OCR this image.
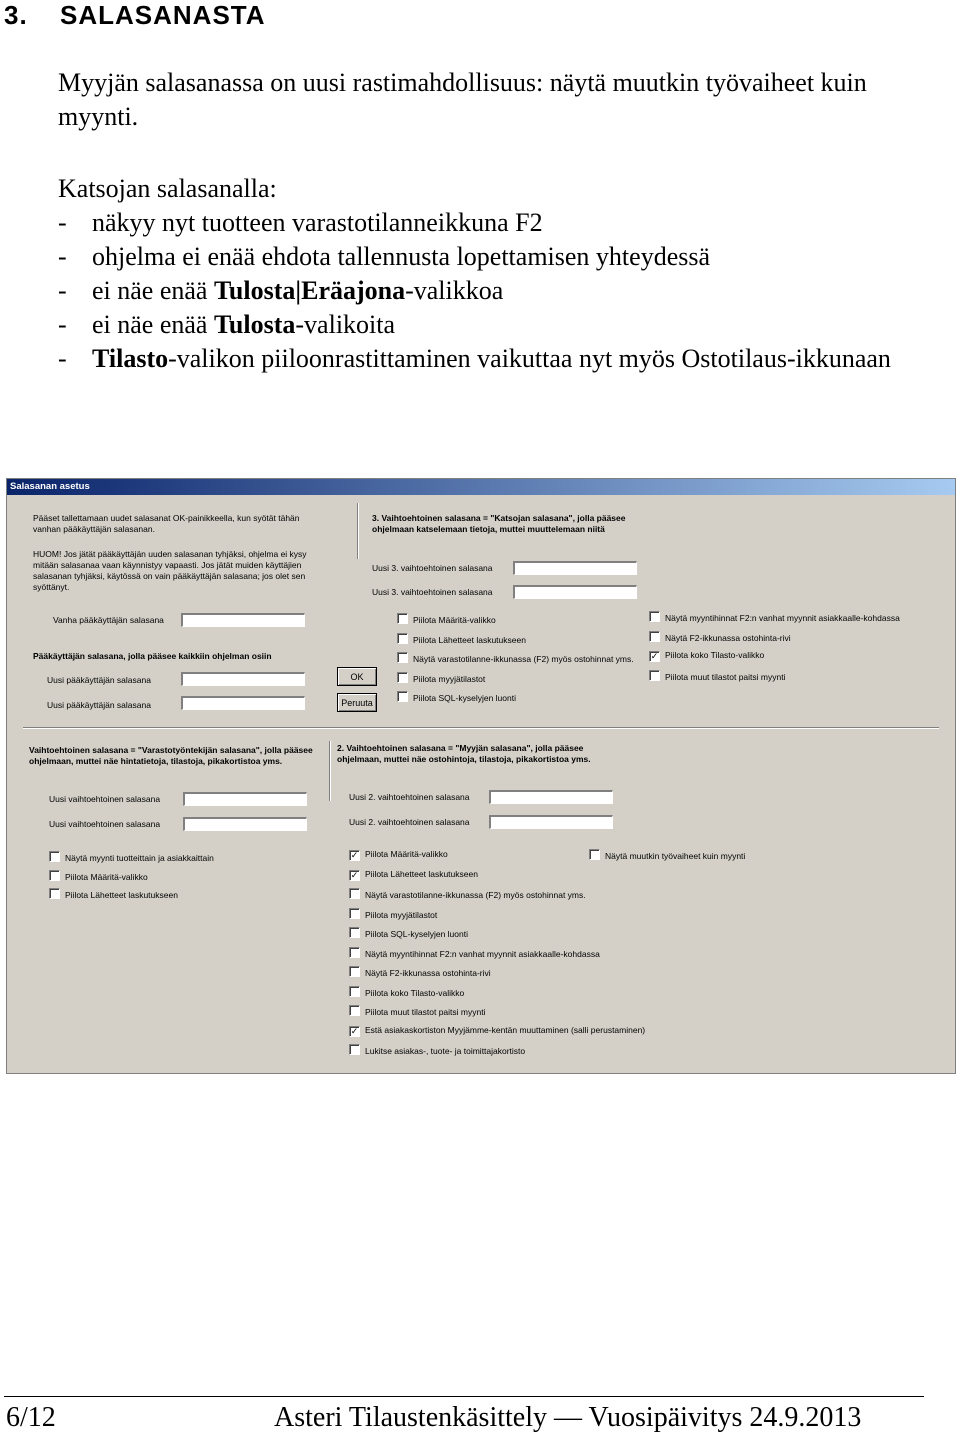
3. SALASANASTA
Myyjän salasanassa on uusi rastimahdollisuus: näytä muutkin työvaiheet kuin myynti.
Katsojan salasanalla:
- näkyy nyt tuotteen varastotilanneikkuna F2
- ohjelma ei enää ehdota tallennusta lopettamisen yhteydessä
- ei näe enää Tulosta|Eräajona-valikkoa
- ei näe enää Tulosta-valikoita
- Tilasto-valikon piiloonrastittaminen vaikuttaa nyt myös Ostotilaus-ikkunaan
Salasanan asetus
Pääset tallettamaan uudet salasanat OK-painikkeella, kun syötät tähän vanhan pääkäyttäjän salasanan.
HUOM! Jos jätät pääkäyttäjän uuden salasanan tyhjäksi, ohjelma ei kysy mitään salasanaa vaan käynnistyy vapaasti. Jos jätät muiden käyttäjien salasanan tyhjäksi, käytössä on vain pääkäyttäjän salasana; jos olet sen syöttänyt.
Vanha pääkäyttäjän salasana
Pääkäyttäjän salasana, jolla pääsee kaikkiin ohjelman osiin
Uusi pääkäyttäjän salasana
Uusi pääkäyttäjän salasana
OK
Peruuta
3. Vaihtoehtoinen salasana = "Katsojan salasana", jolla pääsee ohjelmaan katselemaan tietoja, muttei muuttelemaan niitä
Uusi 3. vaihtoehtoinen salasana
Uusi 3. vaihtoehtoinen salasana
Piilota Määritä-valikko
Piilota Lähetteet laskutukseen
Näytä varastotilanne-ikkunassa (F2) myös ostohinnat yms.
Piilota myyjätilastot
Piilota SQL-kyselyjen luonti
Näytä myyntihinnat F2:n vanhat myynnit asiakkaalle-kohdassa
Näytä F2-ikkunassa ostohinta-rivi
✓ Piilota koko Tilasto-valikko
Piilota muut tilastot paitsi myynti
Vaihtoehtoinen salasana = "Varastotyöntekijän salasana", jolla pääsee ohjelmaan, muttei näe hintatietoja, tilastoja, pikakortistoa yms.
Uusi vaihtoehtoinen salasana
Uusi vaihtoehtoinen salasana
Näytä myynti tuotteittain ja asiakkaittain
Piilota Määritä-valikko
Piilota Lähetteet laskutukseen
2. Vaihtoehtoinen salasana = "Myyjän salasana", jolla pääsee ohjelmaan, muttei näe ostohintoja, tilastoja, pikakortistoa yms.
Uusi 2. vaihtoehtoinen salasana
Uusi 2. vaihtoehtoinen salasana
✓ Piilota Määritä-valikko
✓ Piilota Lähetteet laskutukseen
Näytä varastotilanne-ikkunassa (F2) myös ostohinnat yms.
Piilota myyjätilastot
Piilota SQL-kyselyjen luonti
Näytä myyntihinnat F2:n vanhat myynnit asiakkaalle-kohdassa
Näytä F2-ikkunassa ostohinta-rivi
Piilota koko Tilasto-valikko
Piilota muut tilastot paitsi myynti
✓ Estä asiakaskortiston Myyjämme-kentän muuttaminen (salli perustaminen)
Lukitse asiakas-, tuote- ja toimittajakortisto
Näytä muutkin työvaiheet kuin myynti
6/12	Asteri Tilaustenkäsittely — Vuosipäivitys 24.9.2013
